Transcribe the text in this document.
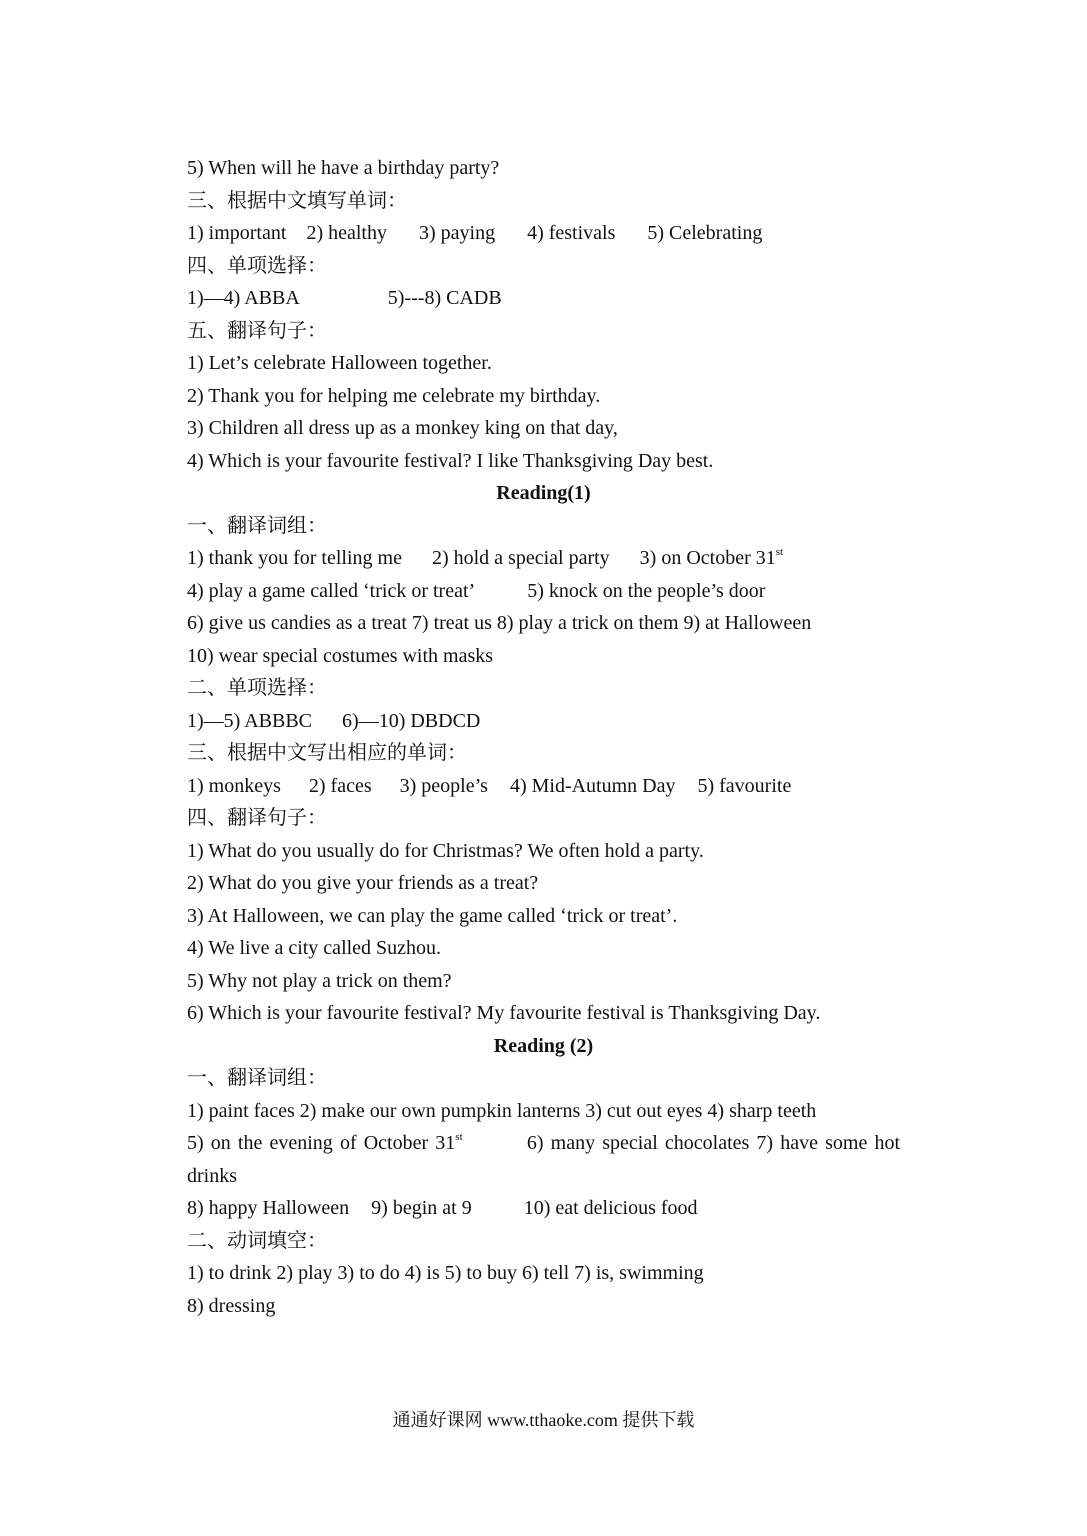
5) When will he have a birthday party?
三、根据中文填写单词：
1) important 2) healthy 3) paying 4) festivals 5) Celebrating
四、单项选择：
1)—4) ABBA	5)---8) CADB
五、翻译句子：
1) Let’s celebrate Halloween together.
2) Thank you for helping me celebrate my birthday.
3) Children all dress up as a monkey king on that day,
4) Which is your favourite festival? I like Thanksgiving Day best.
Reading(1)
一、翻译词组：
1) thank you for telling me 2) hold a special party 3) on October 31st
4) play a game called ‘trick or treat’	5) knock on the people’s door
6) give us candies as a treat 7) treat us 8) play a trick on them 9) at Halloween
10) wear special costumes with masks
二、单项选择：
1)—5) ABBBC 6)—10) DBDCD
三、根据中文写出相应的单词：
1) monkeys 2) faces 3) people’s 4) Mid-Autumn Day 5) favourite
四、翻译句子：
1) What do you usually do for Christmas? We often hold a party.
2) What do you give your friends as a treat?
3) At Halloween, we can play the game called ‘trick or treat’.
4) We live a city called Suzhou.
5) Why not play a trick on them?
6) Which is your favourite festival? My favourite festival is Thanksgiving Day.
Reading (2)
一、翻译词组：
1) paint faces 2) make our own pumpkin lanterns 3) cut out eyes 4) sharp teeth
5) on the evening of October 31st	6) many special chocolates 7) have some hot drinks
8) happy Halloween 9) begin at 9	10) eat delicious food
二、动词填空：
1) to drink 2) play 3) to do 4) is 5) to buy 6) tell 7) is, swimming
8) dressing
通通好课网 www.tthaoke.com 提供下载
